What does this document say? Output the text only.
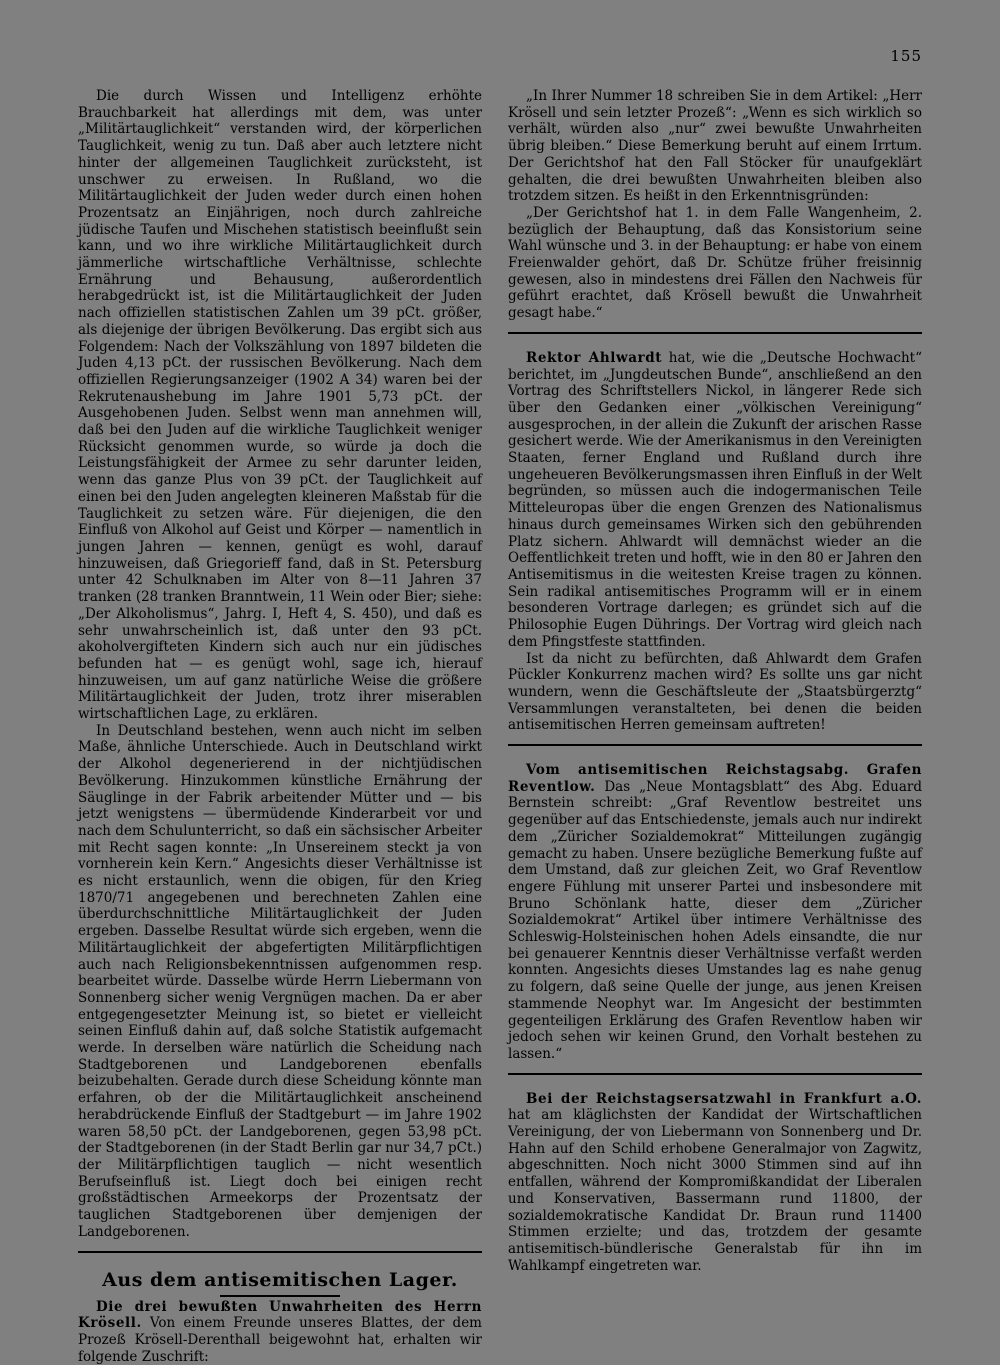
155

Die durch Wissen und Intelligenz erhöhte Brauchbarkeit hat allerdings mit dem, was unter „Militärtauglichkeit“ verstanden wird, der körperlichen Tauglichkeit, wenig zu tun. Daß aber auch letztere nicht hinter der allgemeinen Tauglichkeit zurücksteht, ist unschwer zu erweisen. In Rußland, wo die Militärtauglichkeit der Juden weder durch einen hohen Prozentsatz an Einjährigen, noch durch zahlreiche jüdische Taufen und Mischehen statistisch beeinflußt sein kann, und wo ihre wirkliche Militärtauglichkeit durch jämmerliche wirtschaftliche Verhältnisse, schlechte Ernährung und Behausung, außerordentlich herabgedrückt ist, ist die Militärtauglichkeit der Juden nach offiziellen statistischen Zahlen um 39 pCt. größer, als diejenige der übrigen Bevölkerung. Das ergibt sich aus Folgendem: Nach der Volkszählung von 1897 bildeten die Juden 4,13 pCt. der russischen Bevölkerung. Nach dem offiziellen Regierungsanzeiger (1902 A 34) waren bei der Rekrutenaushebung im Jahre 1901 5,73 pCt. der Ausgehobenen Juden. Selbst wenn man annehmen will, daß bei den Juden auf die wirkliche Tauglichkeit weniger Rücksicht genommen wurde, so würde ja doch die Leistungsfähigkeit der Armee zu sehr darunter leiden, wenn das ganze Plus von 39 pCt. der Tauglichkeit auf einen bei den Juden angelegten kleineren Maßstab für die Tauglichkeit zu setzen wäre. Für diejenigen, die den Einfluß von Alkohol auf Geist und Körper — namentlich in jungen Jahren — kennen, genügt es wohl, darauf hinzuweisen, daß Griegorieff fand, daß in St. Petersburg unter 42 Schulknaben im Alter von 8—11 Jahren 37 tranken (28 tranken Branntwein, 11 Wein oder Bier; siehe: „Der Alkoholismus“, Jahrg. I, Heft 4, S. 450), und daß es sehr unwahrscheinlich ist, daß unter den 93 pCt. akoholvergifteten Kindern sich auch nur ein jüdisches befunden hat — es genügt wohl, sage ich, hierauf hinzuweisen, um auf ganz natürliche Weise die größere Militärtauglichkeit der Juden, trotz ihrer miserablen wirtschaftlichen Lage, zu erklären.

In Deutschland bestehen, wenn auch nicht im selben Maße, ähnliche Unterschiede. Auch in Deutschland wirkt der Alkohol degenerierend in der nichtjüdischen Bevölkerung. Hinzukommen künstliche Ernährung der Säuglinge in der Fabrik arbeitender Mütter und — bis jetzt wenigstens — übermüdende Kinderarbeit vor und nach dem Schulunterricht, so daß ein sächsischer Arbeiter mit Recht sagen konnte: „In Unsereinem steckt ja von vornherein kein Kern.“ Angesichts dieser Verhältnisse ist es nicht erstaunlich, wenn die obigen, für den Krieg 1870/71 angegebenen und berechneten Zahlen eine überdurchschnittliche Militärtauglichkeit der Juden ergeben. Dasselbe Resultat würde sich ergeben, wenn die Militärtauglichkeit der abgefertigten Militärpflichtigen auch nach Religionsbekenntnissen aufgenommen resp. bearbeitet würde. Dasselbe würde Herrn Liebermann von Sonnenberg sicher wenig Vergnügen machen. Da er aber entgegengesetzter Meinung ist, so bietet er vielleicht seinen Einfluß dahin auf, daß solche Statistik aufgemacht werde. In derselben wäre natürlich die Scheidung nach Stadtgeborenen und Landgeborenen ebenfalls beizubehalten. Gerade durch diese Scheidung könnte man erfahren, ob der die Militärtauglichkeit anscheinend herabdrückende Einfluß der Stadtgeburt — im Jahre 1902 waren 58,50 pCt. der Landgeborenen, gegen 53,98 pCt. der Stadtgeborenen (in der Stadt Berlin gar nur 34,7 pCt.) der Militärpflichtigen tauglich — nicht wesentlich Berufseinfluß ist. Liegt doch bei einigen recht großstädtischen Armeekorps der Prozentsatz der tauglichen Stadtgeborenen über demjenigen der Landgeborenen.

Aus dem antisemitischen Lager.

Die drei bewußten Unwahrheiten des Herrn Krösell. Von einem Freunde unseres Blattes, der dem Prozeß Krösell-Derenthall beigewohnt hat, erhalten wir folgende Zuschrift:

„In Ihrer Nummer 18 schreiben Sie in dem Artikel: „Herr Krösell und sein letzter Prozeß“: „Wenn es sich wirklich so verhält, würden also „nur“ zwei bewußte Unwahrheiten übrig bleiben.“ Diese Bemerkung beruht auf einem Irrtum. Der Gerichtshof hat den Fall Stöcker für unaufgeklärt gehalten, die drei bewußten Unwahrheiten bleiben also trotzdem sitzen. Es heißt in den Erkenntnisgründen:

„Der Gerichtshof hat 1. in dem Falle Wangenheim, 2. bezüglich der Behauptung, daß das Konsistorium seine Wahl wünsche und 3. in der Behauptung: er habe von einem Freienwalder gehört, daß Dr. Schütze früher freisinnig gewesen, also in mindestens drei Fällen den Nachweis für geführt erachtet, daß Krösell bewußt die Unwahrheit gesagt habe.“

Rektor Ahlwardt hat, wie die „Deutsche Hochwacht“ berichtet, im „Jungdeutschen Bunde“, anschließend an den Vortrag des Schriftstellers Nickol, in längerer Rede sich über den Gedanken einer „völkischen Vereinigung“ ausgesprochen, in der allein die Zukunft der arischen Rasse gesichert werde. Wie der Amerikanismus in den Vereinigten Staaten, ferner England und Rußland durch ihre ungeheueren Bevölkerungsmassen ihren Einfluß in der Welt begründen, so müssen auch die indogermanischen Teile Mitteleuropas über die engen Grenzen des Nationalismus hinaus durch gemeinsames Wirken sich den gebührenden Platz sichern. Ahlwardt will demnächst wieder an die Oeffentlichkeit treten und hofft, wie in den 80 er Jahren den Antisemitismus in die weitesten Kreise tragen zu können. Sein radikal antisemitisches Programm will er in einem besonderen Vortrage darlegen; es gründet sich auf die Philosophie Eugen Dührings. Der Vortrag wird gleich nach dem Pfingstfeste stattfinden.

Ist da nicht zu befürchten, daß Ahlwardt dem Grafen Pückler Konkurrenz machen wird? Es sollte uns gar nicht wundern, wenn die Geschäftsleute der „Staatsbürgerztg“ Versammlungen veranstalteten, bei denen die beiden antisemitischen Herren gemeinsam auftreten!

Vom antisemitischen Reichstagsabg. Grafen Reventlow. Das „Neue Montagsblatt“ des Abg. Eduard Bernstein schreibt: „Graf Reventlow bestreitet uns gegenüber auf das Entschiedenste, jemals auch nur indirekt dem „Züricher Sozialdemokrat“ Mitteilungen zugängig gemacht zu haben. Unsere bezügliche Bemerkung fußte auf dem Umstand, daß zur gleichen Zeit, wo Graf Reventlow engere Fühlung mit unserer Partei und insbesondere mit Bruno Schönlank hatte, dieser dem „Züricher Sozialdemokrat“ Artikel über intimere Verhältnisse des Schleswig-Holsteinischen hohen Adels einsandte, die nur bei genauerer Kenntnis dieser Verhältnisse verfaßt werden konnten. Angesichts dieses Umstandes lag es nahe genug zu folgern, daß seine Quelle der junge, aus jenen Kreisen stammende Neophyt war. Im Angesicht der bestimmten gegenteiligen Erklärung des Grafen Reventlow haben wir jedoch sehen wir keinen Grund, den Vorhalt bestehen zu lassen.“

Bei der Reichstagsersatzwahl in Frankfurt a.O. hat am kläglichsten der Kandidat der Wirtschaftlichen Vereinigung, der von Liebermann von Sonnenberg und Dr. Hahn auf den Schild erhobene Generalmajor von Zagwitz, abgeschnitten. Noch nicht 3000 Stimmen sind auf ihn entfallen, während der Kompromißkandidat der Liberalen und Konservativen, Bassermann rund 11800, der sozialdemokratische Kandidat Dr. Braun rund 11400 Stimmen erzielte; und das, trotzdem der gesamte antisemitisch-bündlerische Generalstab für ihn im Wahlkampf eingetreten war.
